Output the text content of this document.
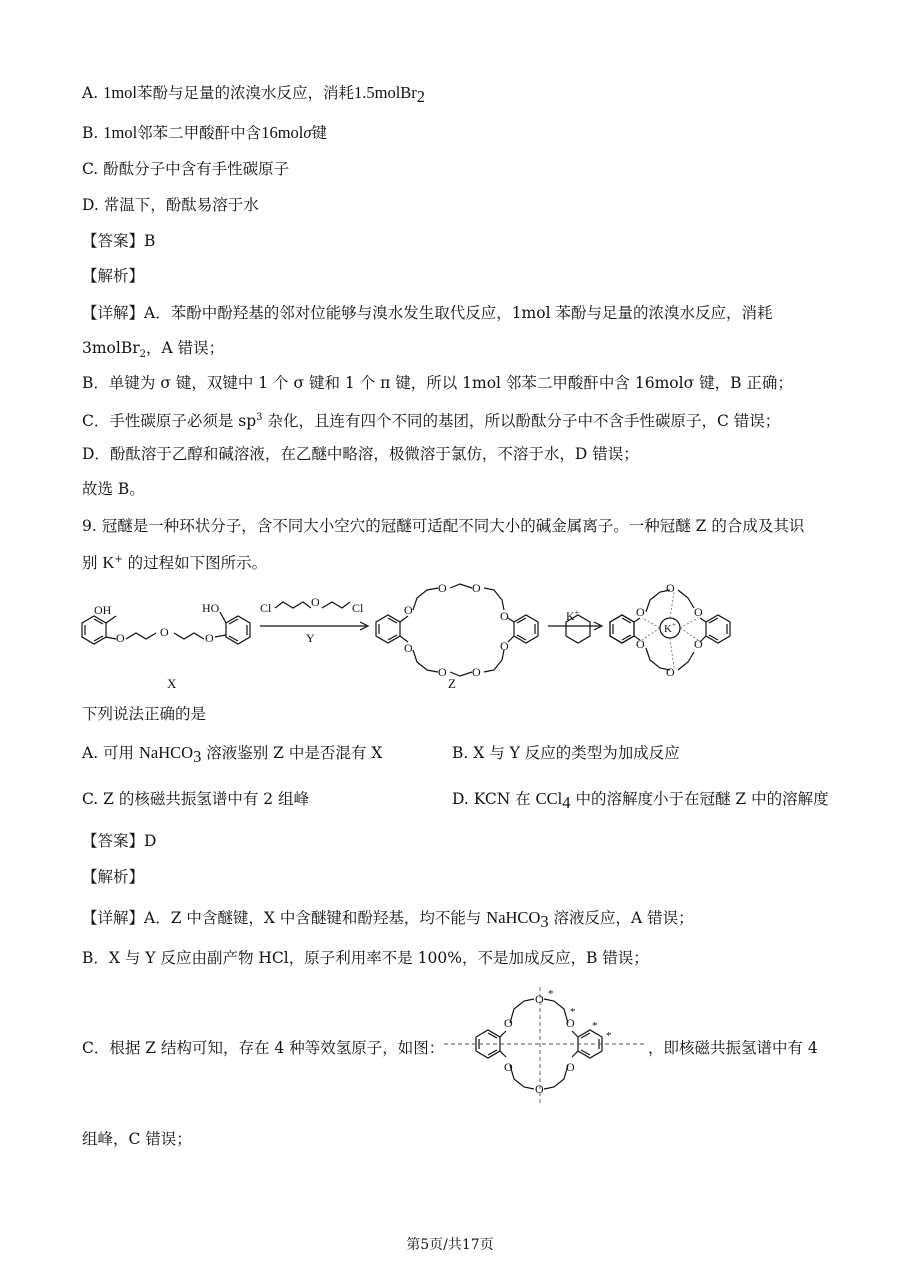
A. 1mol苯酚与足量的浓溴水反应，消耗1.5molBr$_2$
B. 1mol邻苯二甲酸酐中含16molσ键
C. 酚酞分子中含有手性碳原子
D. 常温下，酚酞易溶于水
【答案】B
【解析】
【详解】A．苯酚中酚羟基的邻对位能够与溴水发生取代反应，1mol 苯酚与足量的浓溴水反应，消耗
3molBr$_2$，A 错误；
B．单键为 σ 键，双键中 1 个 σ 键和 1 个 π 键，所以 1mol 邻苯二甲酸酐中含 16molσ 键，B 正确；
C．手性碳原子必须是 $sp^3$ 杂化，且连有四个不同的基团，所以酚酞分子中不含手性碳原子，C 错误；
D．酚酞溶于乙醇和碱溶液，在乙醚中略溶，极微溶于氯仿，不溶于水，D 错误；
故选 B。
9. 冠醚是一种环状分子，含不同大小空穴的冠醚可适配不同大小的碱金属离子。一种冠醚 Z 的合成及其识
别 K+ 的过程如下图所示。
OH
O	O	O
HO	Cl	O	Cl
Y
O
O
O O
O O
O
O
K+	O
O
O
O
O
O
K+
X	Z
下列说法正确的是
A. 可用 NaHCO$_3$ 溶液鉴别 Z 中是否混有 X	B. X 与 Y 反应的类型为加成反应
C. Z 的核磁共振氢谱中有 2 组峰	D. KCN 在 CCl$_4$ 中的溶解度小于在冠醚 Z 中的溶解度
【答案】D
【解析】
【详解】A．Z 中含醚键，X 中含醚键和酚羟基，均不能与 NaHCO$_3$ 溶液反应，A 错误；
B．X 与 Y 反应由副产物 HCl，原子利用率不是 100%，不是加成反应，B 错误；
C．根据 Z 结构可知，存在 4 种等效氢原子，如图：
O
O
O
O
O
O
*
*
*
*
，即核磁共振氢谱中有 4
组峰，C 错误；
第5页/共17页
